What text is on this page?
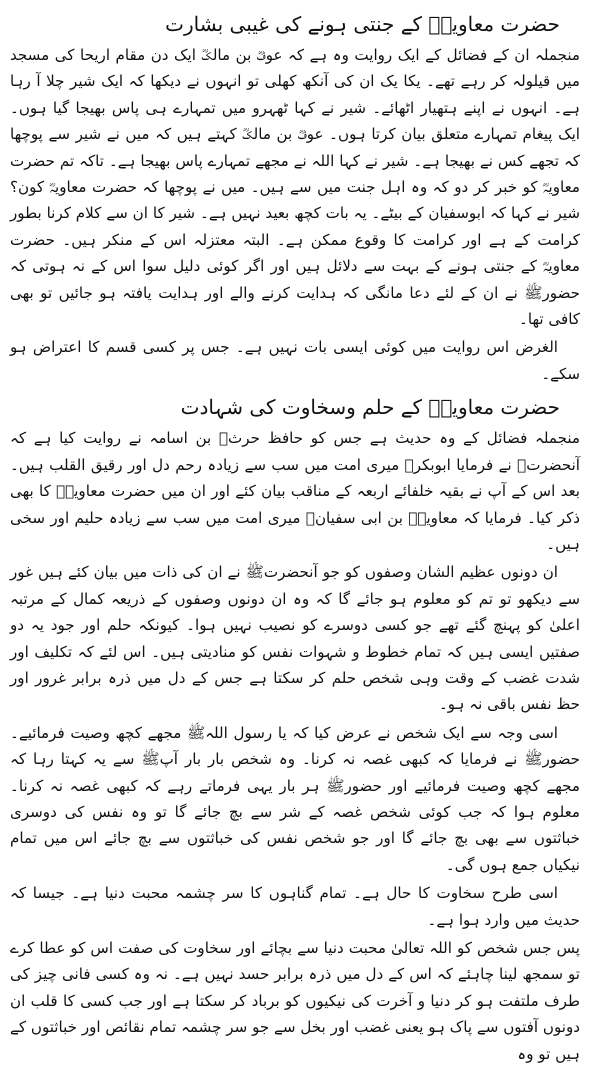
حضرت معاویہؓ کے جنتی ہونے کی غیبی بشارت

منجملہ ان کے فضائل کے ایک روایت وہ ہے کہ عوفؓ بن مالکؓ ایک دن مقام اریحا کی مسجد میں قیلولہ کر رہے تھے۔ یکا یک ان کی آنکھ کھلی تو انہوں نے دیکھا کہ ایک شیر چلا آ رہا ہے۔ انہوں نے اپنے ہتھیار اٹھائے۔ شیر نے کہا ٹھہرو میں تمہارے ہی پاس بھیجا گیا ہوں۔ ایک پیغام تمہارے متعلق بیان کرتا ہوں۔ عوفؓ بن مالکؓ کہتے ہیں کہ میں نے شیر سے پوچھا کہ تجھے کس نے بھیجا ہے۔ شیر نے کہا اللہ نے مجھے تمہارے پاس بھیجا ہے۔ تاکہ تم حضرت معاویہؓ کو خبر کر دو کہ وہ اہل جنت میں سے ہیں۔ میں نے پوچھا کہ حضرت معاویہؓ کون؟ شیر نے کہا کہ ابوسفیان کے بیٹے۔ یہ بات کچھ بعید نہیں ہے۔ شیر کا ان سے کلام کرنا بطور کرامت کے ہے اور کرامت کا وقوع ممکن ہے۔ البتہ معتزلہ اس کے منکر ہیں۔ حضرت معاویہؓ کے جنتی ہونے کے بہت سے دلائل ہیں اور اگر کوئی دلیل سوا اس کے نہ ہوتی کہ حضورﷺ نے ان کے لئے دعا مانگی کہ ہدایت کرنے والے اور ہدایت یافتہ ہو جائیں تو بھی کافی تھا۔

الغرض اس روایت میں کوئی ایسی بات نہیں ہے۔ جس پر کسی قسم کا اعتراض ہو سکے۔

حضرت معاویہؓ کے حلم وسخاوت کی شہادت

منجملہ فضائل کے وہ حدیث ہے جس کو حافظ حرثؒ بن اسامہ نے روایت کیا ہے کہ آنحضرتﷺ نے فرمایا ابوبکرؓ میری امت میں سب سے زیادہ رحم دل اور رقیق القلب ہیں۔ بعد اس کے آپ نے بقیہ خلفائے اربعہ کے مناقب بیان کئے اور ان میں حضرت معاویہؓ کا بھی ذکر کیا۔ فرمایا کہ معاویہؓ بن ابی سفیانؓ میری امت میں سب سے زیادہ حلیم اور سخی ہیں۔

ان دونوں عظیم الشان وصفوں کو جو آنحضرتﷺ نے ان کی ذات میں بیان کئے ہیں غور سے دیکھو تو تم کو معلوم ہو جائے گا کہ وہ ان دونوں وصفوں کے ذریعہ کمال کے مرتبہ اعلیٰ کو پہنچ گئے تھے جو کسی دوسرے کو نصیب نہیں ہوا۔ کیونکہ حلم اور جود یہ دو صفتیں ایسی ہیں کہ تمام خطوط و شہوات نفس کو منادیتی ہیں۔ اس لئے کہ تکلیف اور شدت غضب کے وقت وہی شخص حلم کر سکتا ہے جس کے دل میں ذرہ برابر غرور اور حظ نفس باقی نہ ہو۔

اسی وجہ سے ایک شخص نے عرض کیا کہ یا رسول اللہﷺ مجھے کچھ وصیت فرمائیے۔ حضورﷺ نے فرمایا کہ کبھی غصہ نہ کرنا۔ وہ شخص بار بار آپﷺ سے یہ کہتا رہا کہ مجھے کچھ وصیت فرمائیے اور حضورﷺ ہر بار یہی فرماتے رہے کہ کبھی غصہ نہ کرنا۔ معلوم ہوا کہ جب کوئی شخص غصہ کے شر سے بچ جائے گا تو وہ نفس کی دوسری خباثتوں سے بھی بچ جائے گا اور جو شخص نفس کی خباثتوں سے بچ جائے اس میں تمام نیکیاں جمع ہوں گی۔

اسی طرح سخاوت کا حال ہے۔ تمام گناہوں کا سر چشمہ محبت دنیا ہے۔ جیسا کہ حدیث میں وارد ہوا ہے۔

پس جس شخص کو اللہ تعالیٰ محبت دنیا سے بچائے اور سخاوت کی صفت اس کو عطا کرے تو سمجھ لینا چاہئے کہ اس کے دل میں ذرہ برابر حسد نہیں ہے۔ نہ وہ کسی فانی چیز کی طرف ملتفت ہو کر دنیا و آخرت کی نیکیوں کو برباد کر سکتا ہے اور جب کسی کا قلب ان دونوں آفتوں سے پاک ہو یعنی غضب اور بخل سے جو سر چشمہ تمام نقائص اور خباثتوں کے ہیں تو وہ
